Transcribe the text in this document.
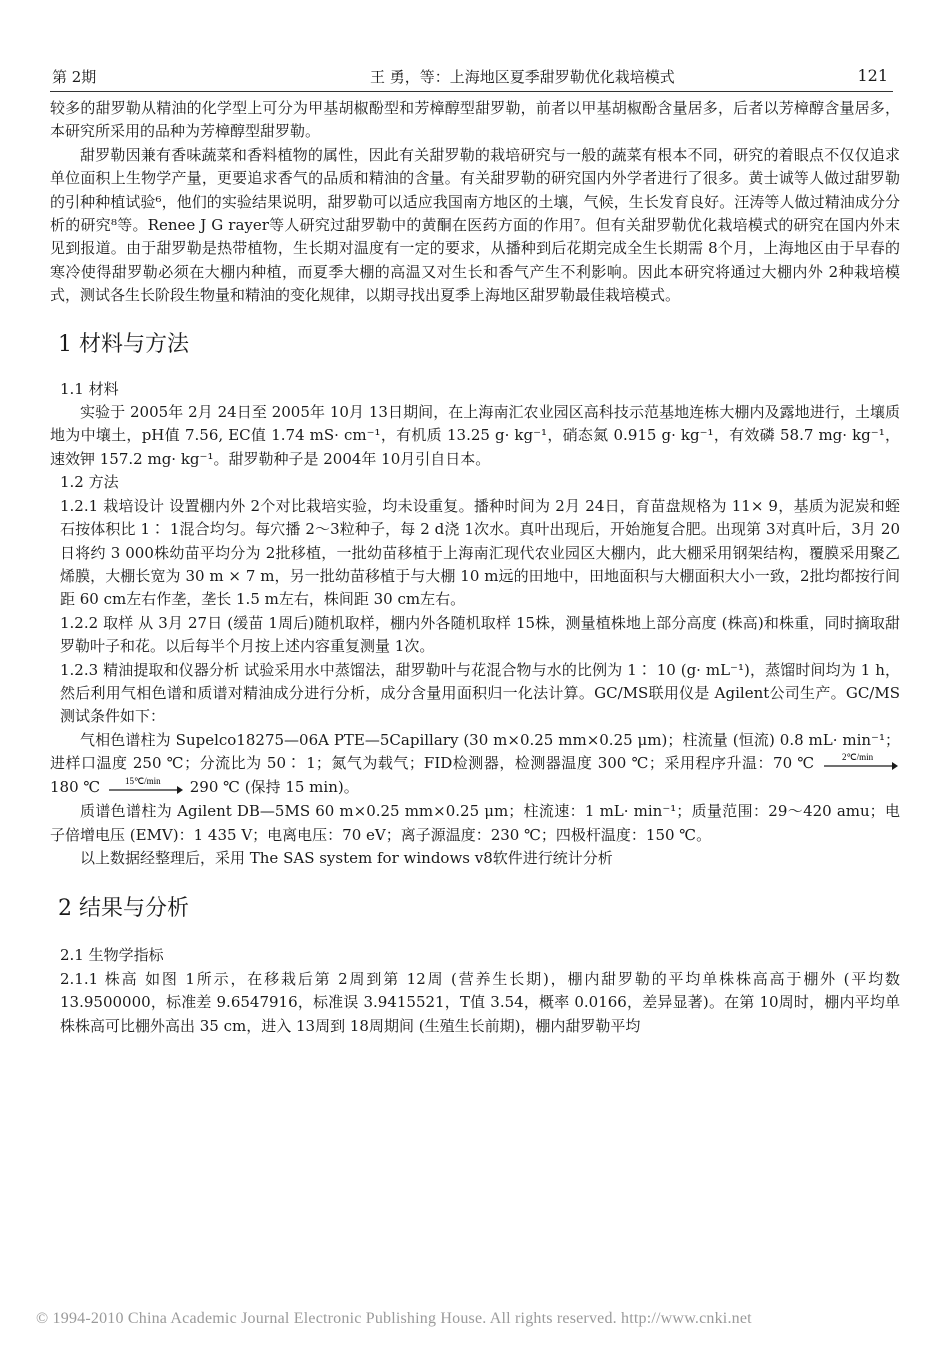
第 2期	王 勇，等：上海地区夏季甜罗勒优化栽培模式	121

较多的甜罗勒从精油的化学型上可分为甲基胡椒酚型和芳樟醇型甜罗勒，前者以甲基胡椒酚含量居多，后者以芳樟醇含量居多，本研究所采用的品种为芳樟醇型甜罗勒。

甜罗勒因兼有香味蔬菜和香料植物的属性，因此有关甜罗勒的栽培研究与一般的蔬菜有根本不同，研究的着眼点不仅仅追求单位面积上生物学产量，更要追求香气的品质和精油的含量。有关甜罗勒的研究国内外学者进行了很多。黄士诚等人做过甜罗勒的引种种植试验⁶，他们的实验结果说明，甜罗勒可以适应我国南方地区的土壤，气候，生长发育良好。汪涛等人做过精油成分分析的研究⁸等。Renee J G rayer等人研究过甜罗勒中的黄酮在医药方面的作用⁷。但有关甜罗勒优化栽培模式的研究在国内外末见到报道。由于甜罗勒是热带植物，生长期对温度有一定的要求，从播种到后花期完成全生长期需 8个月，上海地区由于早春的寒冷使得甜罗勒必须在大棚内种植，而夏季大棚的高温又对生长和香气产生不利影响。因此本研究将通过大棚内外 2种栽培模式，测试各生长阶段生物量和精油的变化规律，以期寻找出夏季上海地区甜罗勒最佳栽培模式。

1 材料与方法
1.1 材料

实验于 2005年 2月 24日至 2005年 10月 13日期间，在上海南汇农业园区高科技示范基地连栋大棚内及露地进行，土壤质地为中壤土，pH值 7.56, EC值 1.74 mS· cm⁻¹，有机质 13.25 g· kg⁻¹，硝态氮 0.915 g· kg⁻¹，有效磷 58.7 mg· kg⁻¹，速效钾 157.2 mg· kg⁻¹。甜罗勒种子是 2004年 10月引自日本。

1.2 方法

1.2.1 栽培设计 设置棚内外 2个对比栽培实验，均未设重复。播种时间为 2月 24日，育苗盘规格为 11× 9，基质为泥炭和蛭石按体积比 1∶ 1混合均匀。每穴播 2～3粒种子，每 2 d浇 1次水。真叶出现后，开始施复合肥。出现第 3对真叶后，3月 20日将约 3 000株幼苗平均分为 2批移植，一批幼苗移植于上海南汇现代农业园区大棚内，此大棚采用钢架结构，覆膜采用聚乙烯膜，大棚长宽为 30 m × 7 m，另一批幼苗移植于与大棚 10 m远的田地中，田地面积与大棚面积大小一致，2批均都按行间距 60 cm左右作垄，垄长 1.5 m左右，株间距 30 cm左右。

1.2.2 取样 从 3月 27日 (缓苗 1周后)随机取样，棚内外各随机取样 15株，测量植株地上部分高度 (株高)和株重，同时摘取甜罗勒叶子和花。以后每半个月按上述内容重复测量 1次。

1.2.3 精油提取和仪器分析 试验采用水中蒸馏法，甜罗勒叶与花混合物与水的比例为 1∶ 10 (g· mL⁻¹)，蒸馏时间均为 1 h，然后利用气相色谱和质谱对精油成分进行分析，成分含量用面积归一化法计算。GC/MS联用仪是 Agilent公司生产。GC/MS测试条件如下：

气相色谱柱为 Supelco18275—06A PTE—5Capillary (30 m×0.25 mm×0.25 μm)；柱流量 (恒流) 0.8 mL· min⁻¹；进样口温度 250 ℃；分流比为 50∶ 1；氮气为载气；FID检测器，检测器温度 300 ℃；采用程序升温：70 ℃	2℃/min
180 ℃	15℃/min 290 ℃ (保持 15 min)。

质谱色谱柱为 Agilent DB—5MS 60 m×0.25 mm×0.25 μm；柱流速：1 mL· min⁻¹；质量范围：29～420 amu；电子倍增电压 (EMV)：1 435 V；电离电压：70 eV；离子源温度：230 ℃；四极杆温度：150 ℃。

以上数据经整理后，采用 The SAS system for windows v8软件进行统计分析

2 结果与分析
2.1 生物学指标

2.1.1 株高 如图 1所示，在移栽后第 2周到第 12周 (营养生长期)，棚内甜罗勒的平均单株株高高于棚外 (平均数 13.9500000，标准差 9.6547916，标准误 3.9415521，T值 3.54，概率 0.0166，差异显著)。在第 10周时，棚内平均单株株高可比棚外高出 35 cm，进入 13周到 18周期间 (生殖生长前期)，棚内甜罗勒平均

© 1994-2010 China Academic Journal Electronic Publishing House. All rights reserved. http://www.cnki.net
